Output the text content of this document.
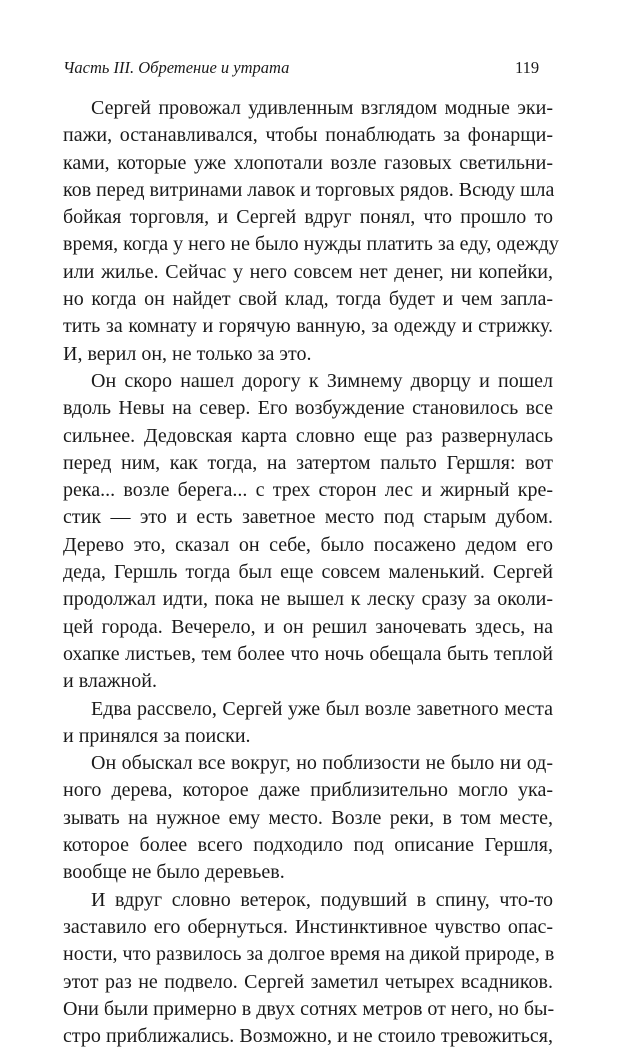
Часть III. Обретение и утрата	119
Сергей провожал удивленным взглядом модные эки-
пажи, останавливался, чтобы понаблюдать за фонарщи-
ками, которые уже хлопотали возле газовых светильни-
ков перед витринами лавок и торговых рядов. Всюду шла
бойкая торговля, и Сергей вдруг понял, что прошло то
время, когда у него не было нужды платить за еду, одежду
или жилье. Сейчас у него совсем нет денег, ни копейки,
но когда он найдет свой клад, тогда будет и чем запла-
тить за комнату и горячую ванную, за одежду и стрижку.
И, верил он, не только за это.
Он скоро нашел дорогу к Зимнему дворцу и пошел
вдоль Невы на север. Его возбуждение становилось все
сильнее. Дедовская карта словно еще раз развернулась
перед ним, как тогда, на затертом пальто Гершля: вот
река... возле берега... с трех сторон лес и жирный кре-
стик — это и есть заветное место под старым дубом.
Дерево это, сказал он себе, было посажено дедом его
деда, Гершль тогда был еще совсем маленький. Сергей
продолжал идти, пока не вышел к леску сразу за околи-
цей города. Вечерело, и он решил заночевать здесь, на
охапке листьев, тем более что ночь обещала быть теплой
и влажной.
Едва рассвело, Сергей уже был возле заветного места
и принялся за поиски.
Он обыскал все вокруг, но поблизости не было ни од-
ного дерева, которое даже приблизительно могло ука-
зывать на нужное ему место. Возле реки, в том месте,
которое более всего подходило под описание Гершля,
вообще не было деревьев.
И вдруг словно ветерок, подувший в спину, что-то
заставило его обернуться. Инстинктивное чувство опас-
ности, что развилось за долгое время на дикой природе, в
этот раз не подвело. Сергей заметил четырех всадников.
Они были примерно в двух сотнях метров от него, но бы-
стро приближались. Возможно, и не стоило тревожиться,
